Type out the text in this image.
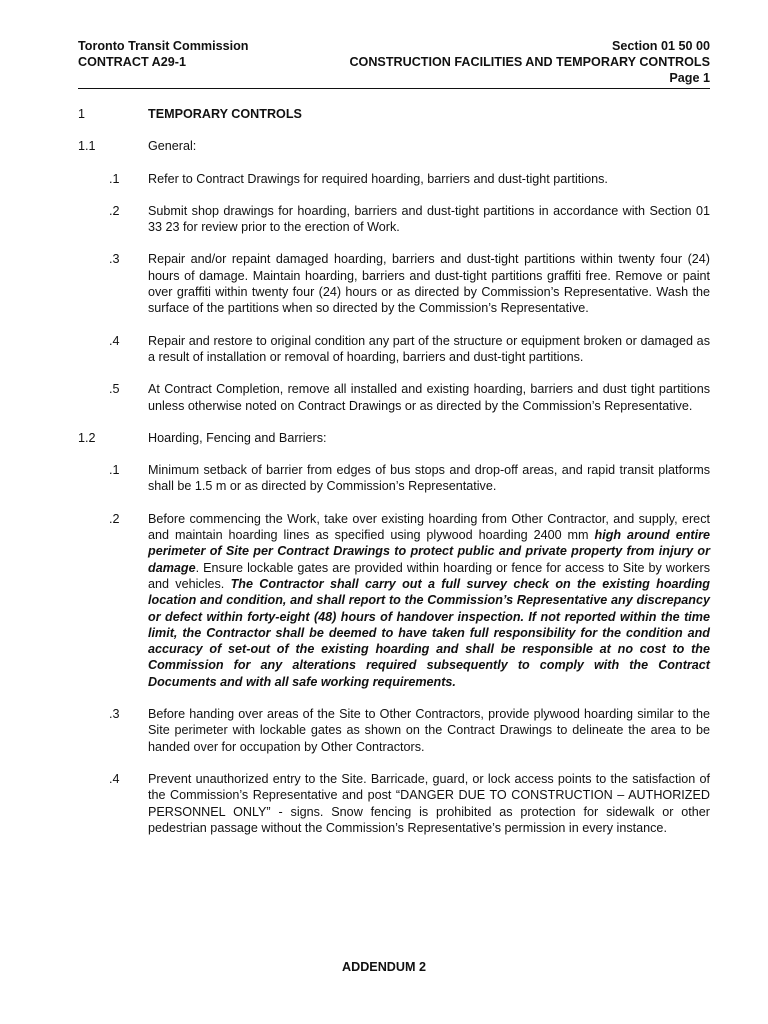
Toronto Transit Commission	Section 01 50 00
CONTRACT A29-1	CONSTRUCTION FACILITIES AND TEMPORARY CONTROLS
Page 1
1	TEMPORARY CONTROLS
1.1	General:
.1	Refer to Contract Drawings for required hoarding, barriers and dust-tight partitions.
.2	Submit shop drawings for hoarding, barriers and dust-tight partitions in accordance with Section 01 33 23 for review prior to the erection of Work.
.3	Repair and/or repaint damaged hoarding, barriers and dust-tight partitions within twenty four (24) hours of damage. Maintain hoarding, barriers and dust-tight partitions graffiti free. Remove or paint over graffiti within twenty four (24) hours or as directed by Commission’s Representative. Wash the surface of the partitions when so directed by the Commission’s Representative.
.4	Repair and restore to original condition any part of the structure or equipment broken or damaged as a result of installation or removal of hoarding, barriers and dust-tight partitions.
.5	At Contract Completion, remove all installed and existing hoarding, barriers and dust tight partitions unless otherwise noted on Contract Drawings or as directed by the Commission’s Representative.
1.2	Hoarding, Fencing and Barriers:
.1	Minimum setback of barrier from edges of bus stops and drop-off areas, and rapid transit platforms shall be 1.5 m or as directed by Commission’s Representative.
.2	Before commencing the Work, take over existing hoarding from Other Contractor, and supply, erect and maintain hoarding lines as specified using plywood hoarding 2400 mm high around entire perimeter of Site per Contract Drawings to protect public and private property from injury or damage. Ensure lockable gates are provided within hoarding or fence for access to Site by workers and vehicles. The Contractor shall carry out a full survey check on the existing hoarding location and condition, and shall report to the Commission’s Representative any discrepancy or defect within forty-eight (48) hours of handover inspection. If not reported within the time limit, the Contractor shall be deemed to have taken full responsibility for the condition and accuracy of set-out of the existing hoarding and shall be responsible at no cost to the Commission for any alterations required subsequently to comply with the Contract Documents and with all safe working requirements.
.3	Before handing over areas of the Site to Other Contractors, provide plywood hoarding similar to the Site perimeter with lockable gates as shown on the Contract Drawings to delineate the area to be handed over for occupation by Other Contractors.
.4	Prevent unauthorized entry to the Site. Barricade, guard, or lock access points to the satisfaction of the Commission’s Representative and post “DANGER DUE TO CONSTRUCTION – AUTHORIZED PERSONNEL ONLY” - signs. Snow fencing is prohibited as protection for sidewalk or other pedestrian passage without the Commission’s Representative’s permission in every instance.
ADDENDUM 2
